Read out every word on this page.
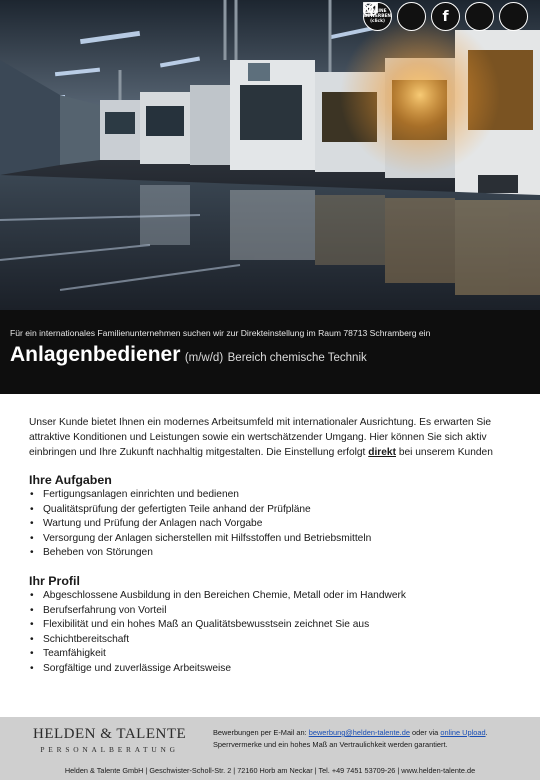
ONLINE
BEWERBEN
(click)	f
Für ein internationales Familienunternehmen suchen wir zur Direkteinstellung im Raum 78713 Schramberg ein
Anlagenbediener (m/w/d) Bereich chemische Technik

Unser Kunde bietet Ihnen ein modernes Arbeitsumfeld mit internationaler Ausrichtung. Es erwarten Sie attraktive Konditionen und Leistungen sowie ein wertschätzender Umgang. Hier können Sie sich aktiv einbringen und Ihre Zukunft nachhaltig mitgestalten. Die Einstellung erfolgt direkt bei unserem Kunden

Ihre Aufgaben
• Fertigungsanlagen einrichten und bedienen
• Qualitätsprüfung der gefertigten Teile anhand der Prüfpläne
• Wartung und Prüfung der Anlagen nach Vorgabe
• Versorgung der Anlagen sicherstellen mit Hilfsstoffen und Betriebsmitteln
• Beheben von Störungen
Ihr Profil
• Abgeschlossene Ausbildung in den Bereichen Chemie, Metall oder im Handwerk
• Berufserfahrung von Vorteil
• Flexibilität und ein hohes Maß an Qualitätsbewusstsein zeichnet Sie aus
• Schichtbereitschaft
• Teamfähigkeit
• Sorgfältige und zuverlässige Arbeitsweise
HELDEN & TALENTE
PERSONALBERATUNG
Bewerbungen per E-Mail an: bewerbung@helden-talente.de oder via online Upload.
Sperrvermerke und ein hohes Maß an Vertraulichkeit werden garantiert.
Helden & Talente GmbH | Geschwister-Scholl-Str. 2 | 72160 Horb am Neckar | Tel. +49 7451 53709-26 | www.helden-talente.de
